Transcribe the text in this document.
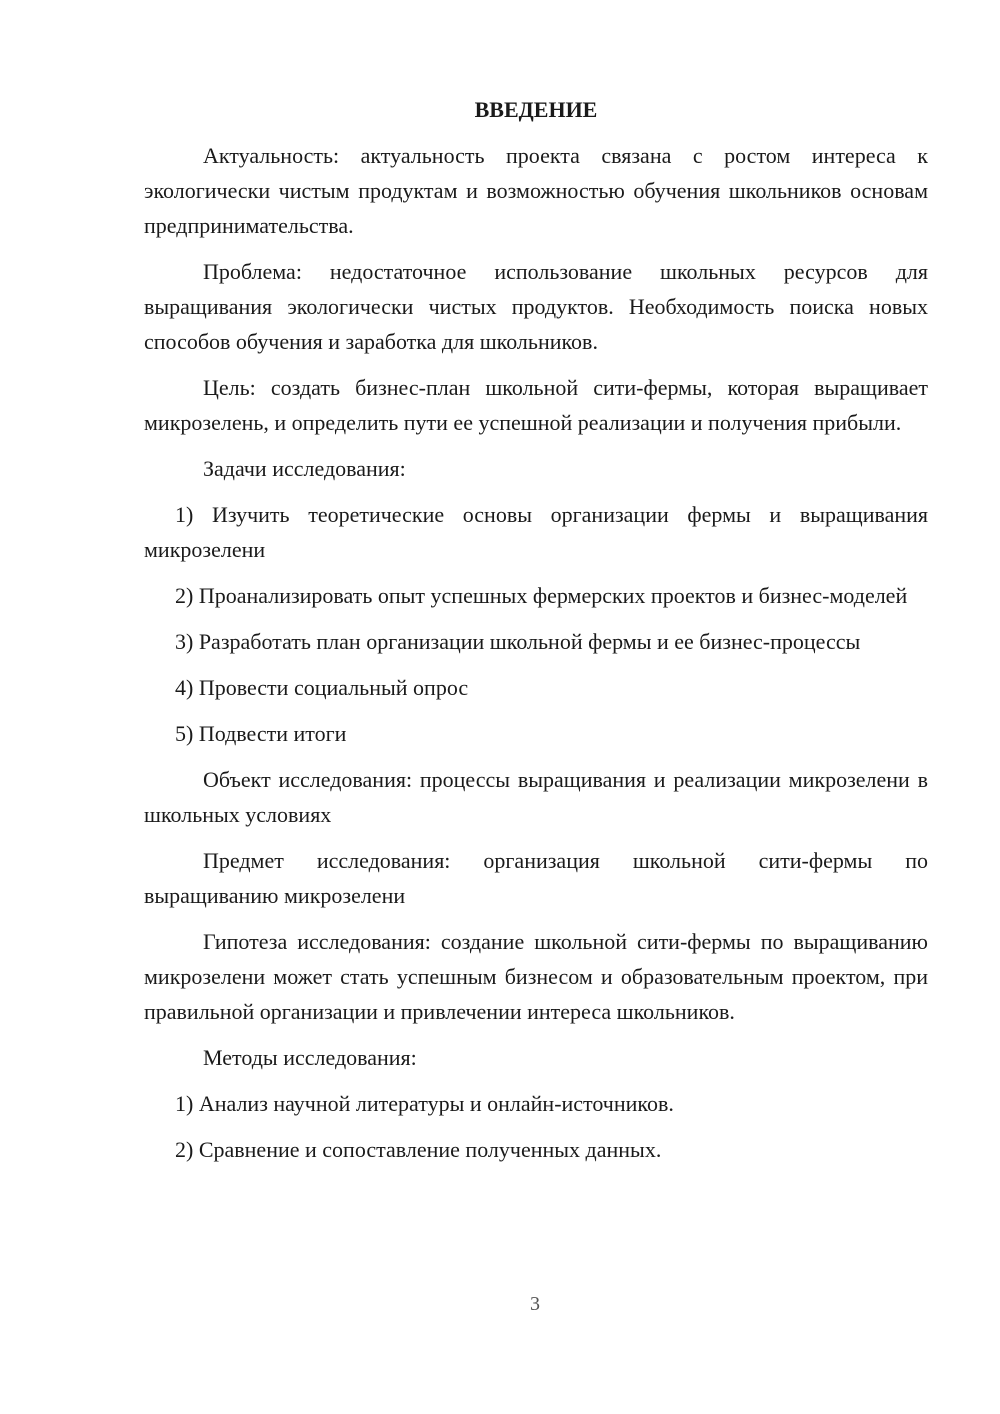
ВВЕДЕНИЕ

Актуальность: актуальность проекта связана с ростом интереса к экологически чистым продуктам и возможностью обучения школьников основам предпринимательства.

Проблема: недостаточное использование школьных ресурсов для выращивания экологически чистых продуктов. Необходимость поиска новых способов обучения и заработка для школьников.

Цель: создать бизнес-план школьной сити-фермы, которая выращивает микрозелень, и определить пути ее успешной реализации и получения прибыли.

Задачи исследования:

1) Изучить теоретические основы организации фермы и выращивания микрозелени

2) Проанализировать опыт успешных фермерских проектов и бизнес-моделей

3) Разработать план организации школьной фермы и ее бизнес-процессы

4) Провести социальный опрос

5) Подвести итоги

Объект исследования: процессы выращивания и реализации микрозелени в школьных условиях

Предмет исследования: организация школьной сити-фермы по выращиванию микрозелени

Гипотеза исследования: создание школьной сити-фермы по выращиванию микрозелени может стать успешным бизнесом и образовательным проектом, при правильной организации и привлечении интереса школьников.

Методы исследования:

1) Анализ научной литературы и онлайн-источников.

2) Сравнение и сопоставление полученных данных.

3
